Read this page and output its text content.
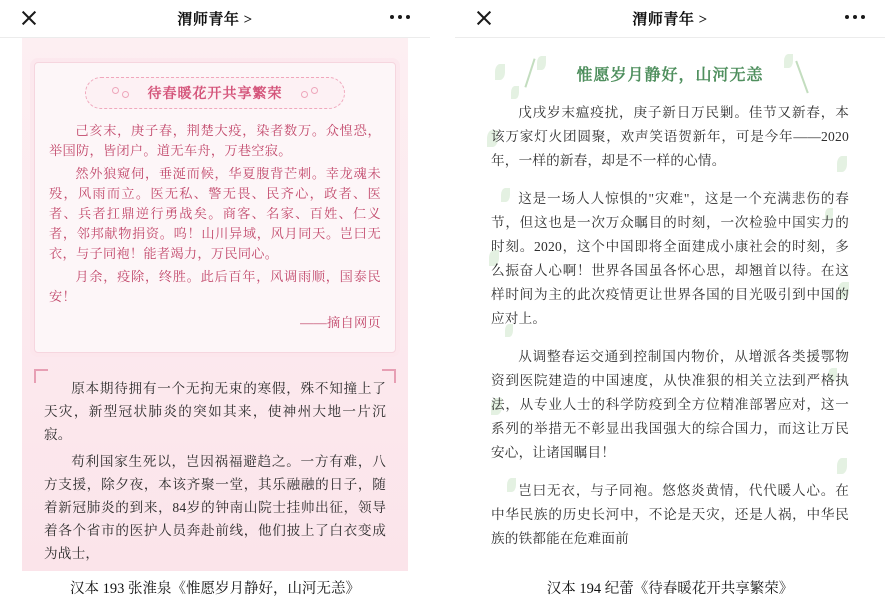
渭师青年 >
待春暖花开共享繁荣

己亥末，庚子春，荆楚大疫，染者数万。众惶恐，举国防，皆闭户。道无车舟，万巷空寂。

然外狼窥伺，垂涎而候，华夏腹背芒刺。幸龙魂未殁，风雨而立。医无私、警无畏、民齐心，政者、医者、兵者扛鼎逆行勇战矣。商客、名家、百姓、仁义者，邻邦献物捐资。呜！山川异域，风月同天。岂曰无衣，与子同袍！能者竭力，万民同心。

月余，疫除，终胜。此后百年，风调雨顺，国泰民安！

——摘自网页

原本期待拥有一个无拘无束的寒假，殊不知撞上了天灾，新型冠状肺炎的突如其来，使神州大地一片沉寂。

苟利国家生死以，岂因祸福避趋之。一方有难，八方支援，除夕夜，本该齐聚一堂，其乐融融的日子，随着新冠肺炎的到来，84岁的钟南山院士挂帅出征，领导着各个省市的医护人员奔赴前线，他们披上了白衣变成为战士，

渭师青年 >
惟愿岁月静好，山河无恙

戊戌岁末瘟疫扰，庚子新日万民剿。佳节又新春，本该万家灯火团圆聚，欢声笑语贺新年，可是今年——2020年，一样的新春，却是不一样的心情。

这是一场人人惊惧的"灾难"，这是一个充满悲伤的春节，但这也是一次万众瞩目的时刻，一次检验中国实力的时刻。2020，这个中国即将全面建成小康社会的时刻，多么振奋人心啊！世界各国虽各怀心思，却翘首以待。在这样时间为主的此次疫情更让世界各国的目光吸引到中国的应对上。

从调整春运交通到控制国内物价，从增派各类援鄂物资到医院建造的中国速度，从快准狠的相关立法到严格执法，从专业人士的科学防疫到全方位精准部署应对，这一系列的举措无不彰显出我国强大的综合国力，而这让万民安心，让诸国瞩目！

岂曰无衣，与子同袍。悠悠炎黄情，代代暖人心。在中华民族的历史长河中，不论是天灾，还是人祸，中华民族的铁都能在危难面前

汉本 193 张淮泉《惟愿岁月静好，山河无恙》	汉本 194 纪蕾《待春暖花开共享繁荣》
